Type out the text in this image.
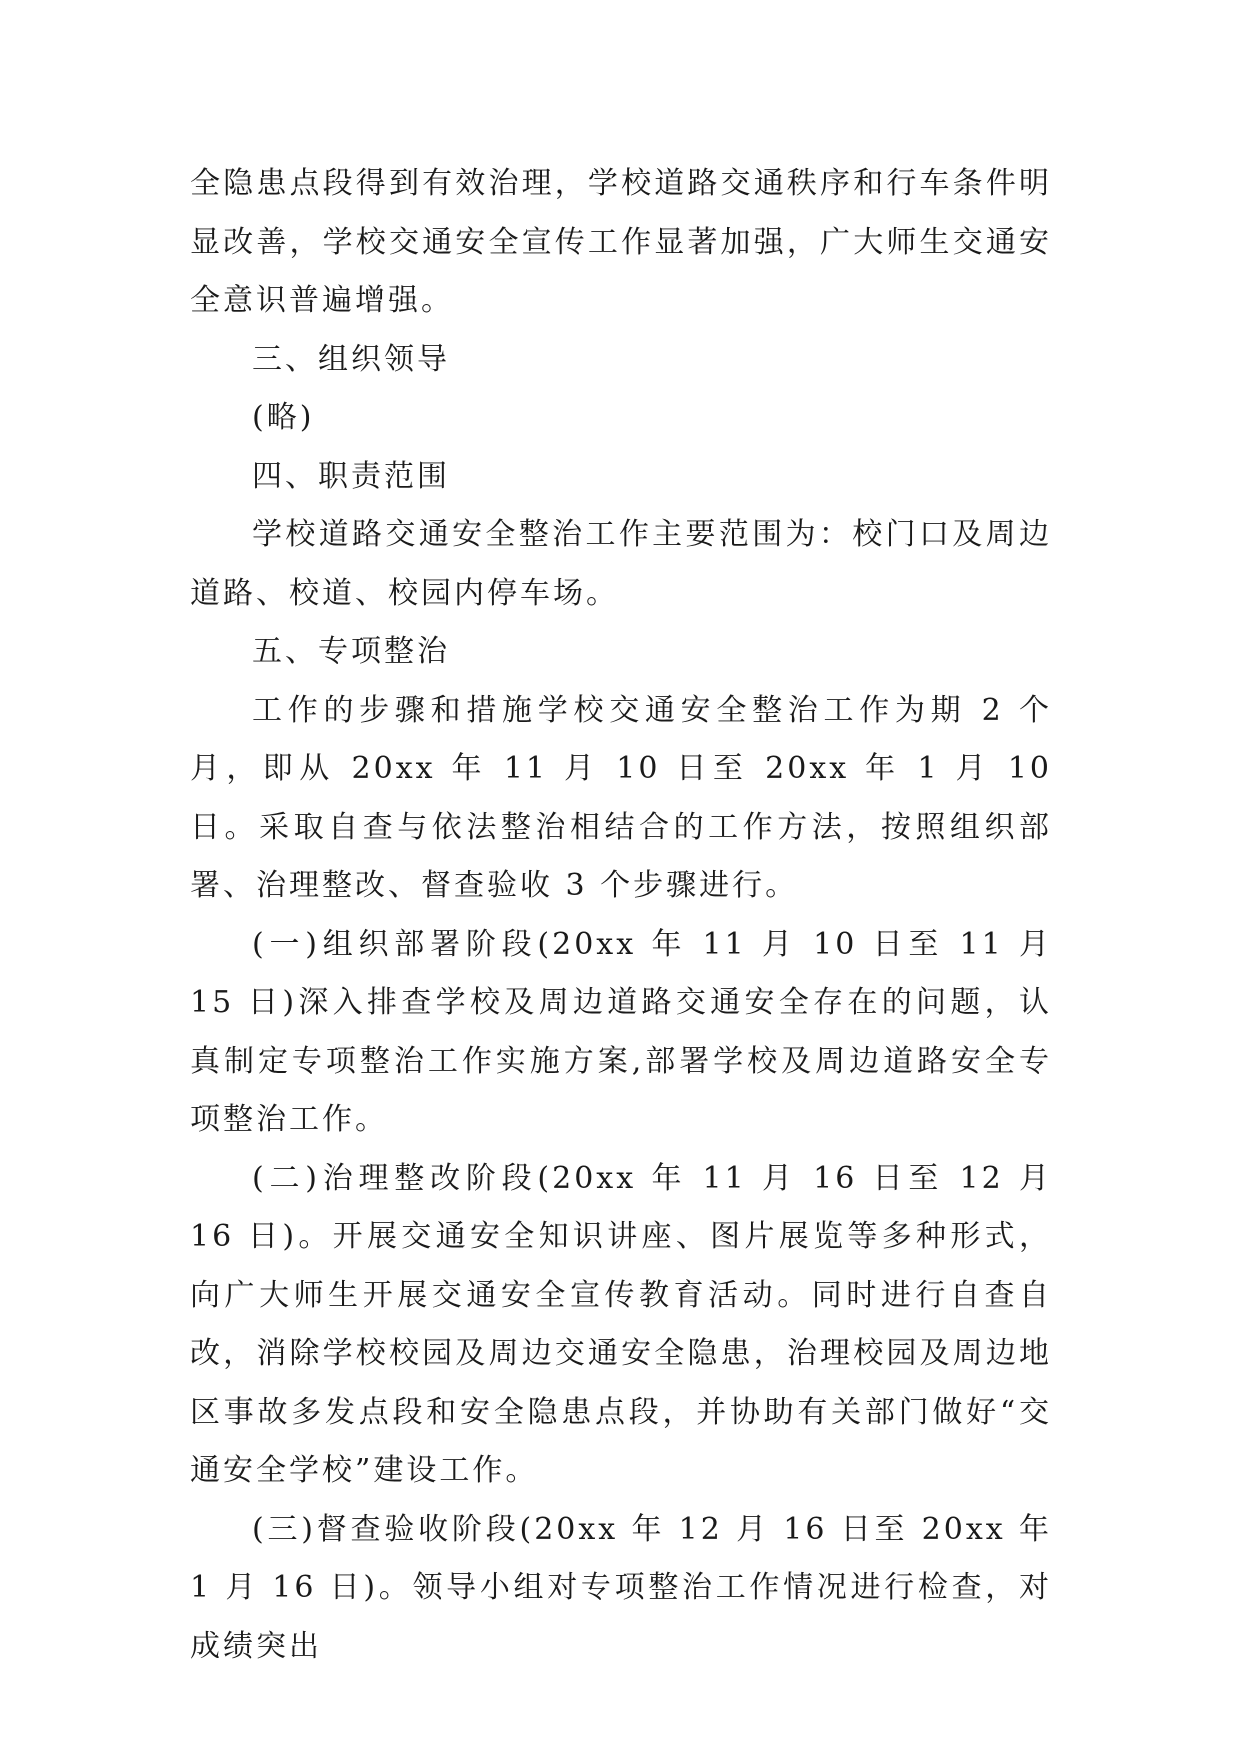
全隐患点段得到有效治理，学校道路交通秩序和行车条件明显改善，学校交通安全宣传工作显著加强，广大师生交通安全意识普遍增强。

三、组织领导

(略)

四、职责范围

学校道路交通安全整治工作主要范围为：校门口及周边道路、校道、校园内停车场。

五、专项整治

工作的步骤和措施学校交通安全整治工作为期 2 个月，即从 20xx 年 11 月 10 日至 20xx 年 1 月 10 日。采取自查与依法整治相结合的工作方法，按照组织部署、治理整改、督查验收 3 个步骤进行。

(一)组织部署阶段(20xx 年 11 月 10 日至 11 月 15 日)深入排查学校及周边道路交通安全存在的问题，认真制定专项整治工作实施方案,部署学校及周边道路安全专项整治工作。

(二)治理整改阶段(20xx 年 11 月 16 日至 12 月 16 日)。开展交通安全知识讲座、图片展览等多种形式，向广大师生开展交通安全宣传教育活动。同时进行自查自改，消除学校校园及周边交通安全隐患，治理校园及周边地区事故多发点段和安全隐患点段，并协助有关部门做好“交通安全学校”建设工作。

(三)督查验收阶段(20xx 年 12 月 16 日至 20xx 年 1 月 16 日)。领导小组对专项整治工作情况进行检查，对成绩突出
